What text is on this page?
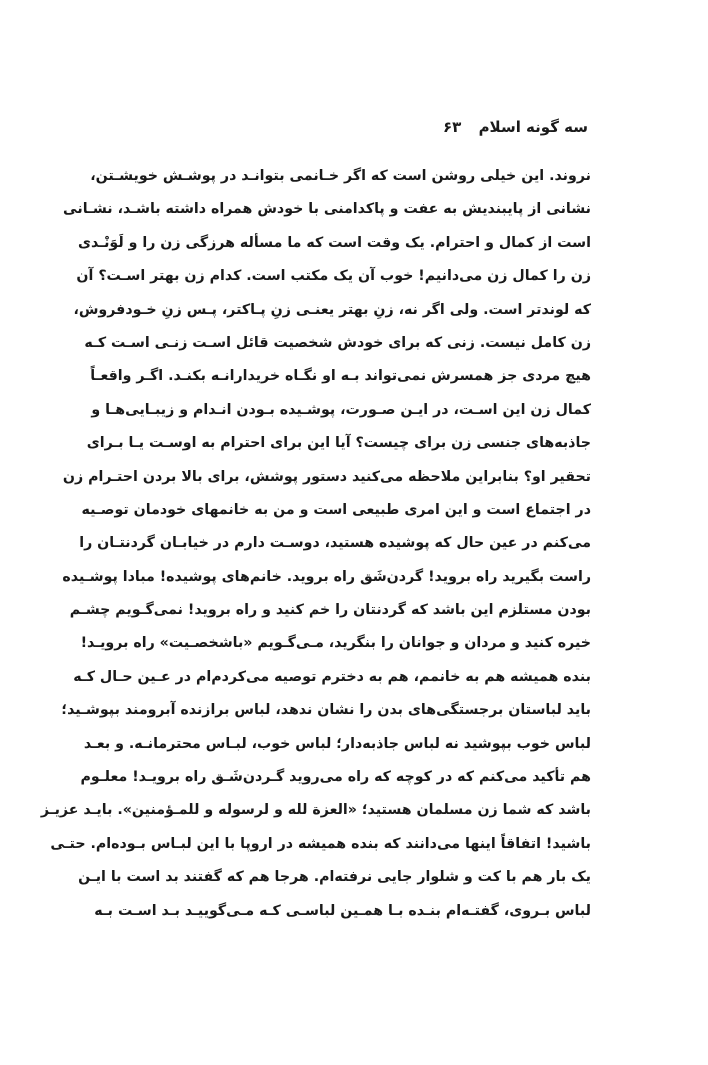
سه گونه اسلام ۶۳
نروند. این خیلی روشن است که اگر خـانمی بتوانـد در پوشـش خویشـتن،
نشانی از پایبندیش به عفت و پاکدامنی با خودش همراه داشته باشـد، نشـانی
است از کمال و احترام. یک وقت است که ما مسأله هرزگی زن را و لَوَنْـدی
زن را کمال زن می‌دانیم! خوب آن یک مکتب است. کدام زن بهتر اسـت؟ آن
که لوندتر است. ولی اگر نه، زنِ بهتر یعنـی زنِ پـاکتر، پـس زنِ خـودفروش،
زن کامل نیست. زنی که برای خودش شخصیت قائل اسـت زنـی اسـت کـه
هیچ مردی جز همسرش نمی‌تواند بـه او نگـاه خریدارانـه بکنـد. اگـر واقعـاً
کمال زن این اسـت، در ایـن صـورت، پوشـیده بـودن انـدام و زیبـایی‌هـا و
جاذبه‌های جنسی زن برای چیست؟ آیا این برای احترام به اوسـت یـا بـرای
تحقیر او؟ بنابراین ملاحظه می‌کنید دستور پوشش، برای بالا بردن احتـرام زن
در اجتماع است و این امری طبیعی است و من به خانمهای خودمان توصـیه
می‌کنم در عین حال که پوشیده هستید، دوسـت دارم در خیابـان گردنتـان را
راست بگیرید راه بروید! گردن‌شَق راه بروید. خانم‌های پوشیده! مبادا پوشـیده
بودن مستلزم این باشد که گردنتان را خم کنید و راه بروید! نمی‌گـویم چشـم
خیره کنید و مردان و جوانان را بنگرید، مـی‌گـویم «باشخصـیت» راه برویـد!
بنده همیشه هم به خانمم، هم به دخترم توصیه می‌کردم‌ام در عـین حـال کـه
باید لباستان برجستگی‌های بدن را نشان ندهد، لباس برازنده آبرومند بپوشـید؛
لباس خوب بپوشید نه لباس جاذبه‌دار؛ لباس خوب، لبـاس محترمانـه. و بعـد
هم تأکید می‌کنم که در کوچه که راه می‌روید گـردن‌شَـق راه برویـد! معلـوم
باشد که شما زن مسلمان هستید؛ «العزة لله و لرسوله و للمـؤمنین». بایـد عزیـز
باشید! اتفاقاً اینها می‌دانند که بنده همیشه در اروپا با این لبـاس بـوده‌ام. حتـی
یک بار هم با کت و شلوار جایی نرفته‌ام. هرجا هم که گفتند بد است با ایـن
لباس بـروی، گفتـه‌ام بنـده بـا همـین لباسـی کـه مـی‌گوییـد بـد اسـت بـه
